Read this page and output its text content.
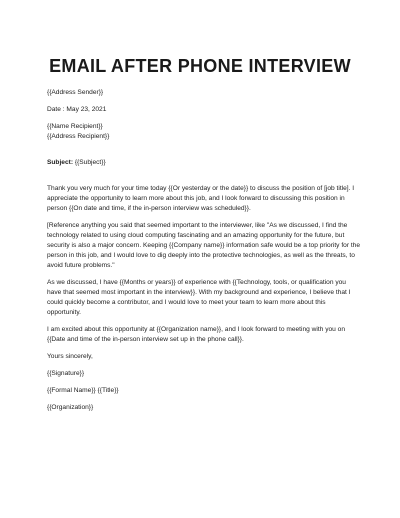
EMAIL AFTER PHONE INTERVIEW

{{Address Sender}}

Date : May 23, 2021

{{Name Recipient}}

{{Address Recipient}}

Subject: {{Subject}}

Thank you very much for your time today {{Or yesterday or the date}} to discuss the position of [job title]. I appreciate the opportunity to learn more about this job, and I look forward to discussing this position in person {{On date and time, if the in-person interview was scheduled}}.

[Reference anything you said that seemed important to the interviewer, like "As we discussed, I find the technology related to using cloud computing fascinating and an amazing opportunity for the future, but security is also a major concern. Keeping {{Company name}} information safe would be a top priority for the person in this job, and I would love to dig deeply into the protective technologies, as well as the threats, to avoid future problems."

As we discussed, I have {{Months or years}} of experience with {{Technology, tools, or qualification you have that seemed most important in the interview}}. With my background and experience, I believe that I could quickly become a contributor, and I would love to meet your team to learn more about this opportunity.

I am excited about this opportunity at {{Organization name}}, and I look forward to meeting with you on {{Date and time of the in-person interview set up in the phone call}}.

Yours sincerely,

{{Signature}}

{{Formal Name}} {{Title}}

{{Organization}}
